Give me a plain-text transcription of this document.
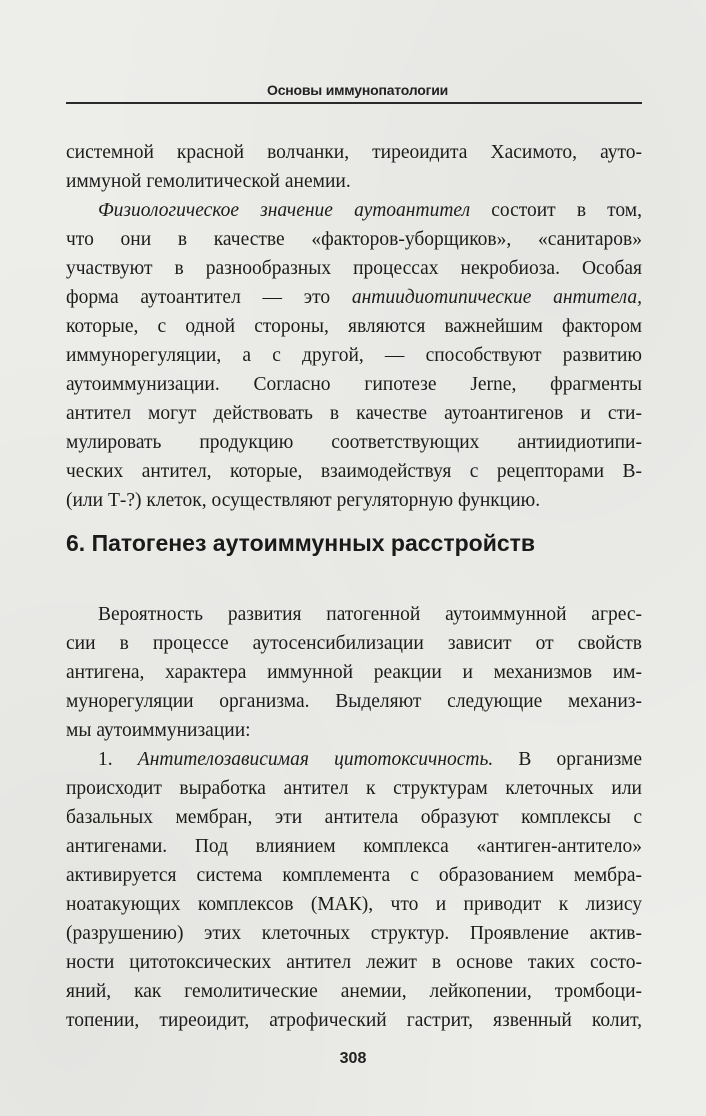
Основы иммунопатологии
системной красной волчанки, тиреоидита Хасимото, ауто-
иммуной гемолитической анемии.
Физиологическое значение аутоантител состоит в том,
что они в качестве «факторов-уборщиков», «санитаров»
участвуют в разнообразных процессах некробиоза. Особая
форма аутоантител — это антиидиотипические антитела,
которые, с одной стороны, являются важнейшим фактором
иммунорегуляции, а с другой, — способствуют развитию
аутоиммунизации. Согласно гипотезе Jerne, фрагменты
антител могут действовать в качестве аутоантигенов и сти-
мулировать продукцию соответствующих антиидиотипи-
ческих антител, которые, взаимодействуя с рецепторами В-
(или Т-?) клеток, осуществляют регуляторную функцию.
6. Патогенез аутоиммунных расстройств
Вероятность развития патогенной аутоиммунной агрес-
сии в процессе аутосенсибилизации зависит от свойств
антигена, характера иммунной реакции и механизмов им-
мунорегуляции организма. Выделяют следующие механиз-
мы аутоиммунизации:
1. Антителозависимая цитотоксичность. В организме
происходит выработка антител к структурам клеточных или
базальных мембран, эти антитела образуют комплексы с
антигенами. Под влиянием комплекса «антиген-антитело»
активируется система комплемента с образованием мембра-
ноатакующих комплексов (МАК), что и приводит к лизису
(разрушению) этих клеточных структур. Проявление актив-
ности цитотоксических антител лежит в основе таких состо-
яний, как гемолитические анемии, лейкопении, тромбоци-
топении, тиреоидит, атрофический гастрит, язвенный колит,
308
